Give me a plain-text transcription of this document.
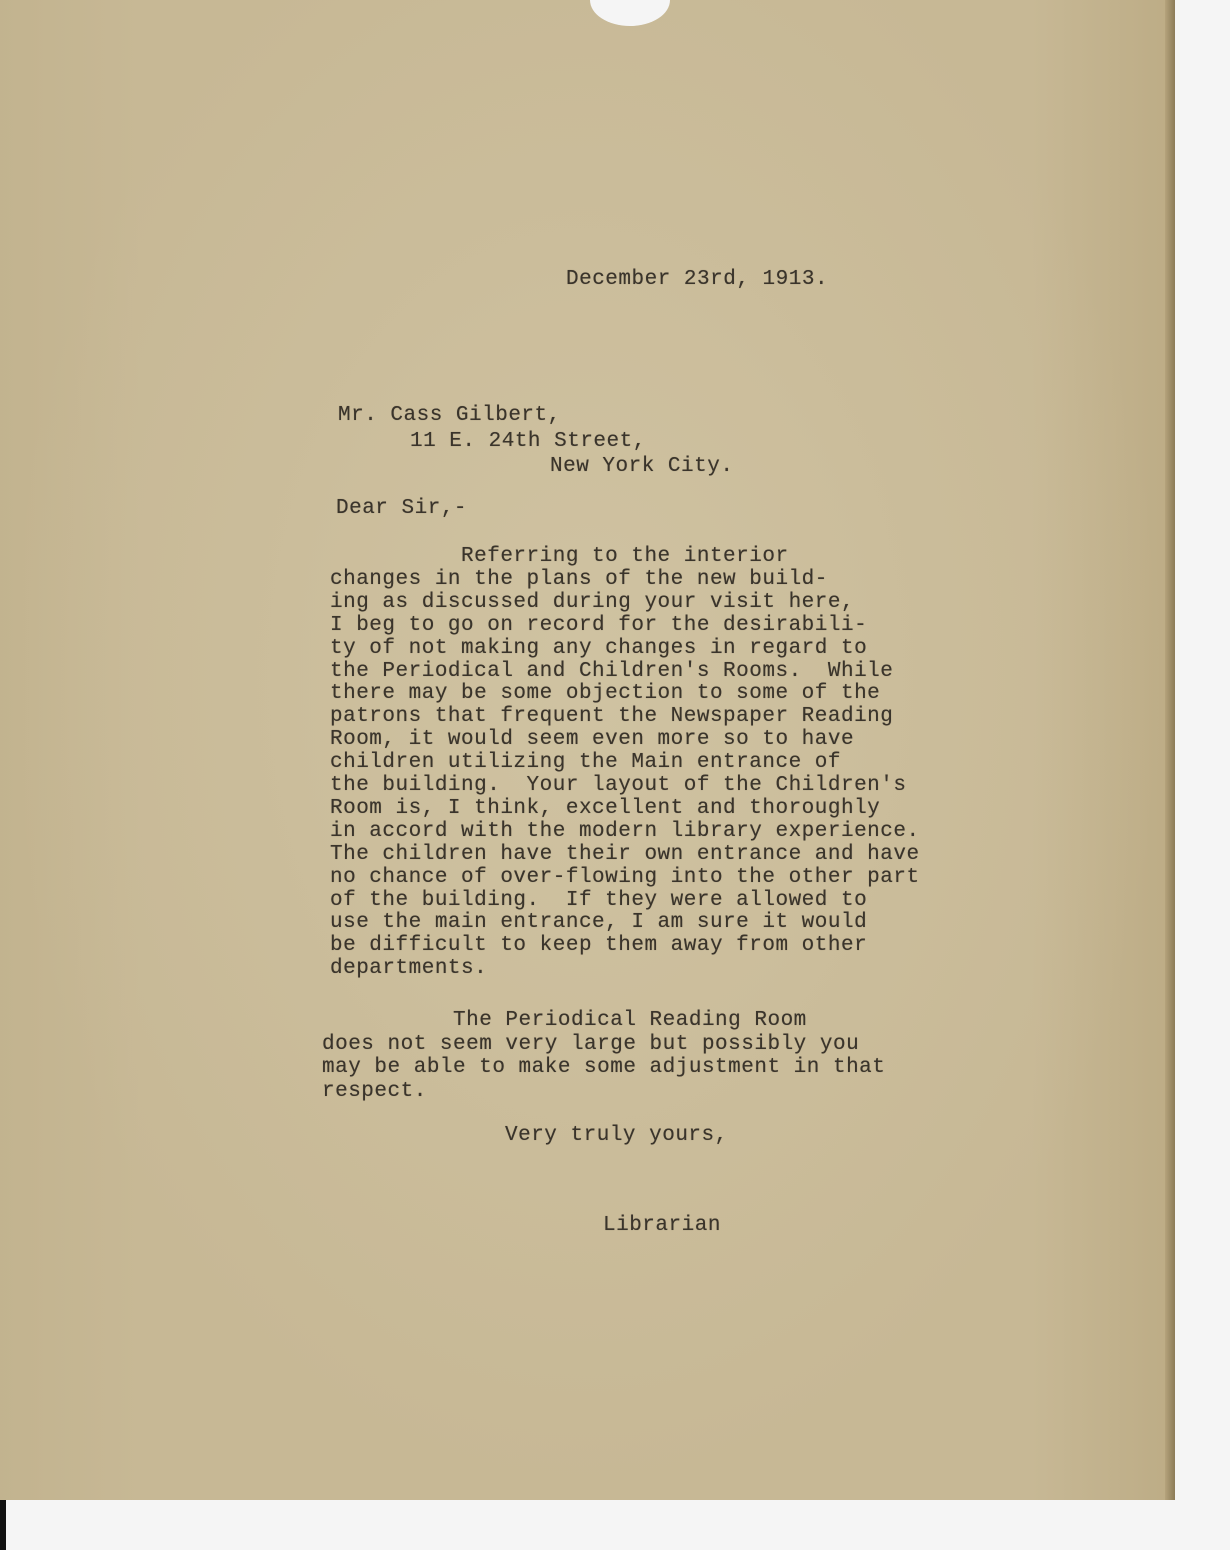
December 23rd, 1913.
Mr. Cass Gilbert,
11 E. 24th Street,
New York City.
Dear Sir,-
Referring to the interior
changes in the plans of the new build-
ing as discussed during your visit here,
I beg to go on record for the desirabili-
ty of not making any changes in regard to
the Periodical and Children's Rooms.  While
there may be some objection to some of the
patrons that frequent the Newspaper Reading
Room, it would seem even more so to have
children utilizing the Main entrance of
the building.  Your layout of the Children's
Room is, I think, excellent and thoroughly
in accord with the modern library experience.
The children have their own entrance and have
no chance of over-flowing into the other part
of the building.  If they were allowed to
use the main entrance, I am sure it would
be difficult to keep them away from other
departments.
The Periodical Reading Room
does not seem very large but possibly you
may be able to make some adjustment in that
respect.
Very truly yours,
Librarian
